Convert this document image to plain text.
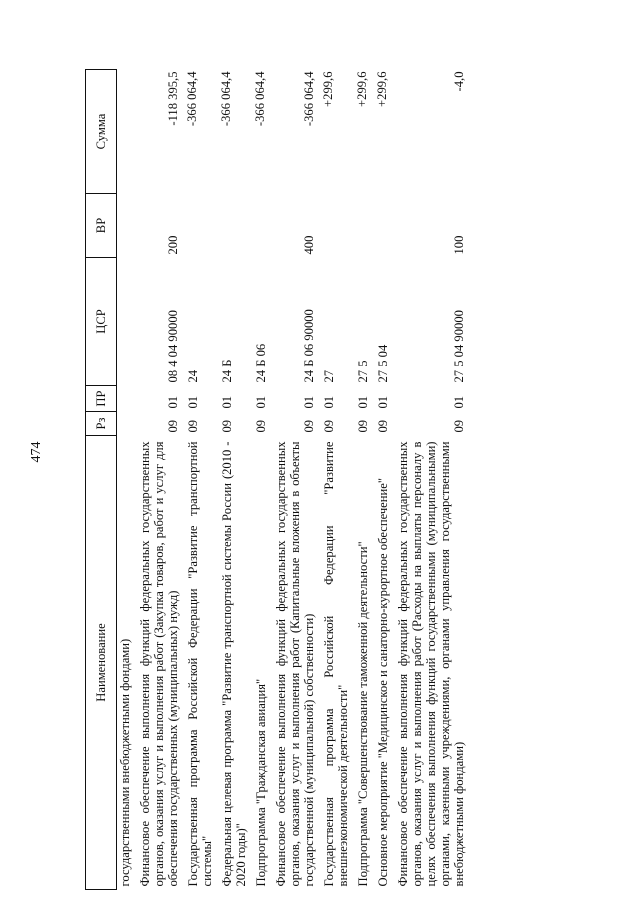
474
Наименование	Рз	ПР	ЦСР	ВР	Сумма
государственными внебюджетными фондами)					
Финансовое обеспечение выполнения функций федеральных государственных органов, оказания услуг и выполнения работ (Закупка товаров, работ и услуг для обеспечения государственных (муниципальных) нужд)	09	01	08 4 04 90000	200	-118 395,5
Государственная программа Российской Федерации "Развитие транспортной системы"	09	01	24		-366 064,4
Федеральная целевая программа "Развитие транспортной системы России (2010 - 2020 годы)"	09	01	24 Б		-366 064,4
Подпрограмма "Гражданская авиация"	09	01	24 Б 06		-366 064,4
Финансовое обеспечение выполнения функций федеральных государственных органов, оказания услуг и выполнения работ (Капитальные вложения в объекты государственной (муниципальной) собственности)	09	01	24 Б 06 90000	400	-366 064,4
Государственная программа Российской Федерации "Развитие внешнеэкономической деятельности"	09	01	27		+299,6
Подпрограмма "Совершенствование таможенной деятельности"	09	01	27 5		+299,6
Основное мероприятие "Медицинское и санаторно-курортное обеспечение"	09	01	27 5 04		+299,6
Финансовое обеспечение выполнения функций федеральных государственных органов, оказания услуг и выполнения работ (Расходы на выплаты персоналу в целях обеспечения выполнения функций государственными (муниципальными) органами, казенными учреждениями, органами управления государственными внебюджетными фондами)	09	01	27 5 04 90000	100	-4,0
